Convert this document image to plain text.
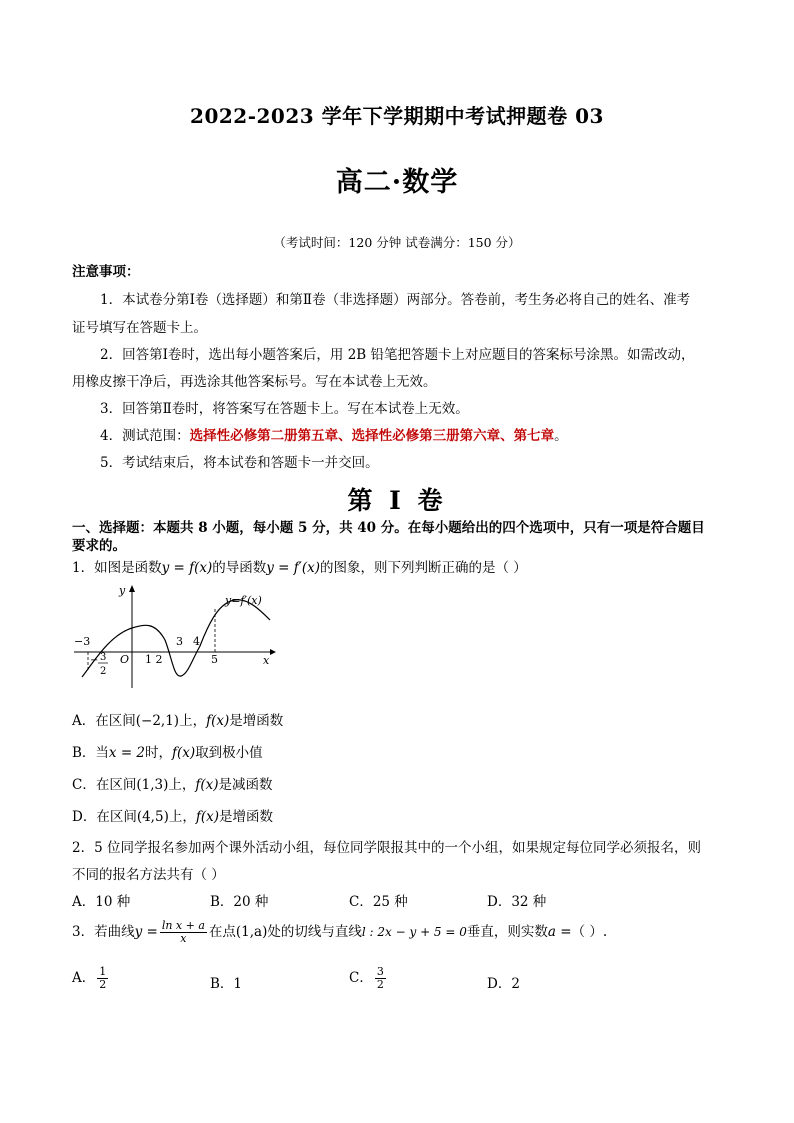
2022-2023 学年下学期期中考试押题卷 03
高二·数学
（考试时间：120 分钟 试卷满分：150 分）
注意事项：
1．本试卷分第Ⅰ卷（选择题）和第Ⅱ卷（非选择题）两部分。答卷前，考生务必将自己的姓名、准考
证号填写在答题卡上。
2．回答第Ⅰ卷时，选出每小题答案后，用 2B 铅笔把答题卡上对应题目的答案标号涂黑。如需改动，
用橡皮擦干净后，再选涂其他答案标号。写在本试卷上无效。
3．回答第Ⅱ卷时，将答案写在答题卡上。写在本试卷上无效。
4．测试范围：选择性必修第二册第五章、选择性必修第三册第六章、第七章。
5．考试结束后，将本试卷和答题卡一并交回。
第 I 卷
一、选择题：本题共 8 小题，每小题 5 分，共 40 分。在每小题给出的四个选项中，只有一项是符合题目
要求的。
1．如图是函数y = f(x)的导函数y = f′(x)的图象，则下列判断正确的是（ ）
y
x
O
y=f′(x)
−3
− 3
2
1 2
3 4
5
A．在区间(−2,1)上，f(x)是增函数
B．当x = 2时，f(x)取到极小值
C．在区间(1,3)上，f(x)是减函数
D．在区间(4,5)上，f(x)是增函数
2．5 位同学报名参加两个课外活动小组，每位同学限报其中的一个小组，如果规定每位同学必须报名，则
不同的报名方法共有（ ）
A．10 种	B．20 种	C．25 种	D．32 种
3．若曲线$y = \frac{\text{ln x + a}}{x}$ 在点(1,a)处的切线与直线l : 2x − y + 5 = 0垂直，则实数a =（ ）.
A． $\frac{1}{2}$	B．1	C． $\frac{3}{2}$	D．2
